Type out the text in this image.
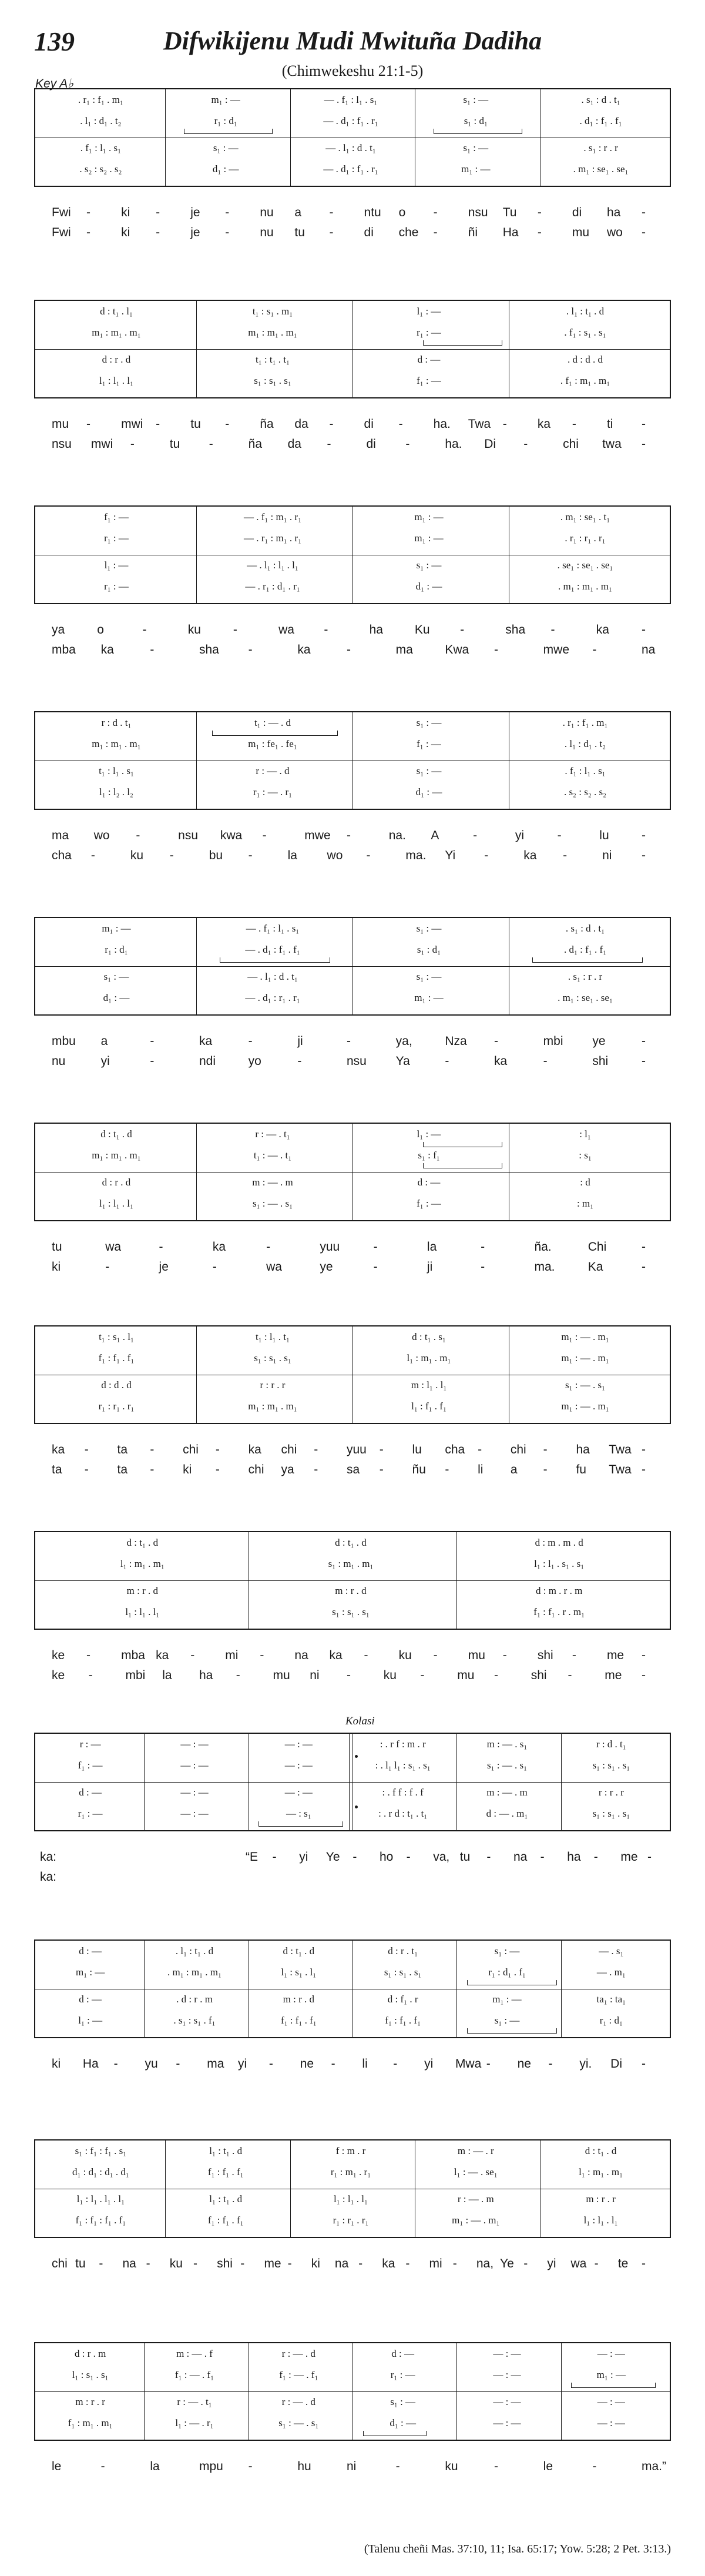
139	Difwikijenu Mudi Mwituña Dadiha
(Chimwekeshu 21:1-5)
Key A♭
. r₁ : f₁ . m₁	m₁ : —	— . f₁ : l₁ . s₁	s₁ : —	. s₁ : d . t₁
. l₁ : d₁ . t₂	r₁ : d₁	— . d₁ : f₁ . r₁	s₁ : d₁	. d₁ : f₁ . f₁
. f₁ : l₁ . s₁	s₁ : —	— . l₁ : d . t₁	s₁ : —	. s₁ : r . r
. s₂ : s₂ . s₂	d₁ : —	— . d₁ : f₁ . r₁	m₁ : —	. m₁ : se₁ . se₁
Fwi - ki - je - nu a - ntu o - nsu Tu - di ha -
Fwi - ki - je - nu tu - di che - ñi Ha - mu wo -
d : t₁ . l₁	t₁ : s₁ . m₁	l₁ : —	. l₁ : t₁ . d
m₁ : m₁ . m₁	m₁ : m₁ . m₁	r₁ : —	. f₁ : s₁ . s₁
d : r . d	t₁ : t₁ . t₁	d : —	. d : d . d
l₁ : l₁ . l₁	s₁ : s₁ . s₁	f₁ : —	. f₁ : m₁ . m₁
mu - mwi - tu - ña da - di - ha. Twa - ka - ti -
nsu mwi -	tu -	ña da -	di -	ha. Di -	chi twa -
f₁ : —	— . f₁ : m₁ . r₁	m₁ : —	. m₁ : se₁ . t₁
r₁ : —	— . r₁ : m₁ . r₁	m₁ : —	. r₁ : r₁ . r₁
l₁ : —	— . l₁ : l₁ . l₁	s₁ : —	. se₁ : se₁ . se₁
r₁ : —	— . r₁ : d₁ . r₁	d₁ : —	. m₁ : m₁ . m₁
ya	o	-	ku	-	wa -	ha	Ku -	sha -	ka	-
mba ka	-	sha -	ka	-	ma	Kwa -	mwe -	na
r : d . t₁	t₁ : — . d	s₁ : —	. r₁ : f₁ . m₁
m₁ : m₁ . m₁	m₁ : fe₁ . fe₁	f₁ : —	. l₁ : d₁ . t₂
t₁ : l₁ . s₁	r : — . d	s₁ : —	. f₁ : l₁ . s₁
l₁ : l₂ . l₂	r₁ : — . r₁	d₁ : —	. s₂ : s₂ . s₂
ma wo -	nsu kwa -	mwe -	na. A	-	yi	-	lu	-
cha -	ku -	bu -	la wo -	ma. Yi -	ka -	ni -
m₁ : —	— . f₁ : l₁ . s₁	s₁ : —	. s₁ : d . t₁
r₁ : d₁	— . d₁ : f₁ . f₁	s₁ : d₁	. d₁ : f₁ . f₁
s₁ : —	— . l₁ : d . t₁	s₁ : —	. s₁ : r . r
d₁ : —	— . d₁ : r₁ . r₁	m₁ : —	. m₁ : se₁ . se₁
mbu a	-	ka	-	ji	-	ya,	Nza -	mbi ye	-
nu	yi	-	ndi	yo	-	nsu Ya	-	ka	-	shi	-
d : t₁ . d	r : — . t₁	l₁ : —	: l₁
m₁ : m₁ . m₁	t₁ : — . t₁	s₁ : f₁	: s₁
d : r . d	m : — . m	d : —	: d
l₁ : l₁ . l₁	s₁ : — . s₁	f₁ : —	: m₁
tu	wa	-	ka	-	yuu	-	la	-	ña.	Chi	-
ki	-	je	-	wa	ye	-	ji	-	ma.	Ka	-
t₁ : s₁ . l₁	t₁ : l₁ . t₁	d : t₁ . s₁	m₁ : — . m₁
f₁ : f₁ . f₁	s₁ : s₁ . s₁	l₁ : m₁ . m₁	m₁ : — . m₁
d : d . d	r : r . r	m : l₁ . l₁	s₁ : — . s₁
r₁ : r₁ . r₁	m₁ : m₁ . m₁	l₁ : f₁ . f₁	m₁ : — . m₁
ka - ta - chi - ka chi - yuu - lu cha - chi - ha Twa -
ta - ta - ki - chi ya - sa - ñu - li a - fu Twa -
d : t₁ . d	d : t₁ . d	d : m . m . d
l₁ : m₁ . m₁	s₁ : m₁ . m₁	l₁ : l₁ . s₁ . s₁
m : r . d	m : r . d	d : m . r . m
l₁ : l₁ . l₁	s₁ : s₁ . s₁	f₁ : f₁ . r . m₁
ke - mba ka - mi - na ka - ku - mu - shi - me -
ke -	mbi la ha -	mu ni -	ku -	mu -	shi -	me -
r : —	— : —	— : —	: . r f : m . r	m : — . s₁	r : d . t₁
f₁ : —	— : —	— : —	: . l₁ l₁ : s₁ . s₁	s₁ : — . s₁	s₁ : s₁ . s₁
d : —	— : —	— : —	: . f f : f . f	m : — . m	r : r . r
r₁ : —	— : —	— : s₁	: . r d : t₁ . t₁	d : — . m₁	s₁ : s₁ . s₁
Kolasi
ka:	“E - yi Ye - ho - va, tu - na - ha - me -
ka:
d : —	. l₁ : t₁ . d	d : t₁ . d	d : r . t₁	s₁ : —	— . s₁
m₁ : —	. m₁ : m₁ . m₁	l₁ : s₁ . l₁	s₁ : s₁ . s₁	r₁ : d₁ . f₁	— . m₁
d : —	. d : r . m	m : r . d	d : f₁ . r	m₁ : —	ta₁ : ta₁
l₁ : —	. s₁ : s₁ . f₁	f₁ : f₁ . f₁	f₁ : f₁ . f₁	s₁ : —	r₁ : d₁
ki Ha - yu - ma yi - ne - li - yi Mwa - ne - yi. Di -
s₁ : f₁ : f₁ . s₁	l₁ : t₁ . d	f : m . r	m : — . r	d : t₁ . d
d₁ : d₁ : d₁ . d₁	f₁ : f₁ . f₁	r₁ : m₁ . r₁	l₁ : — . se₁	l₁ : m₁ . m₁
l₁ : l₁ . l₁ . l₁	l₁ : t₁ . d	l₁ : l₁ . l₁	r : — . m	m : r . r
f₁ : f₁ : f₁ . f₁	f₁ : f₁ . f₁	r₁ : r₁ . r₁	m₁ : — . m₁	l₁ : l₁ . l₁
chi tu - na - ku - shi - me - ki na - ka - mi - na, Ye - yi wa - te -
d : r . m	m : — . f	r : — . d	d : —	— : —	— : —
l₁ : s₁ . s₁	f₁ : — . f₁	f₁ : — . f₁	r₁ : —	— : —	m₁ : —
m : r . r	r : — . t₁	r : — . d	s₁ : —	— : —	— : —
f₁ : m₁ . m₁	l₁ : — . r₁	s₁ : — . s₁	d₁ : —	— : —	— : —
le	-	la	mpu -	hu	ni	-	ku	-	le	-	ma.”
(Talenu cheñi Mas. 37:10, 11; Isa. 65:17; Yow. 5:28; 2 Pet. 3:13.)
